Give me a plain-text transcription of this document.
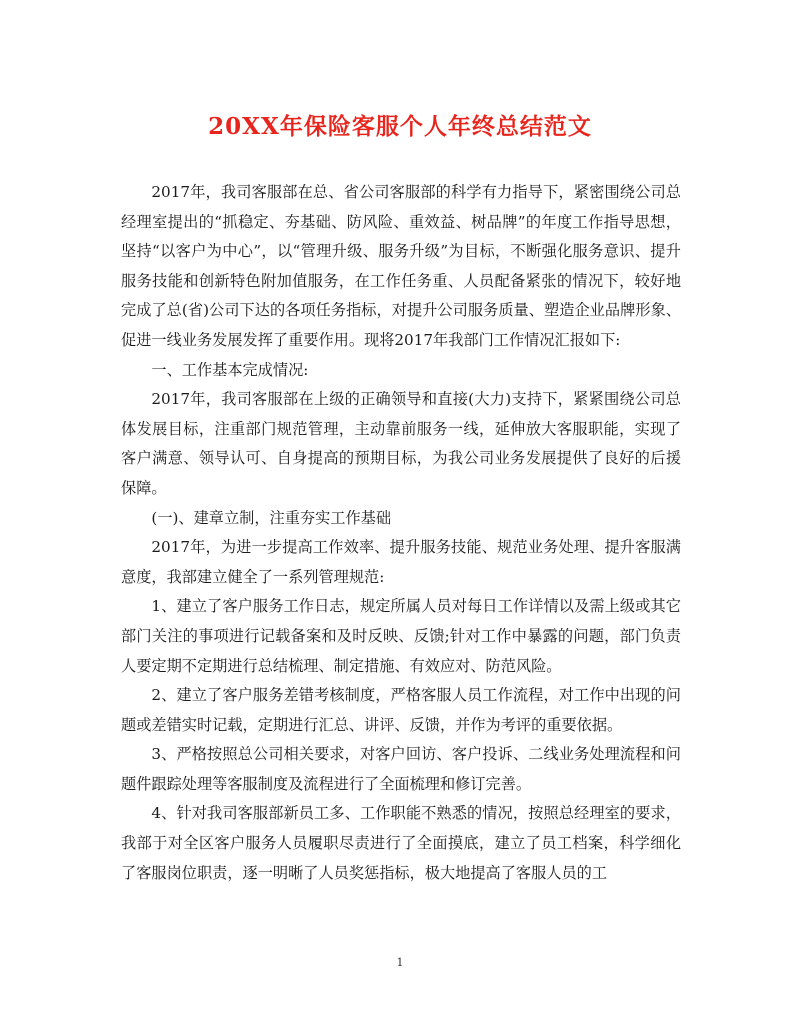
20XX年保险客服个人年终总结范文

2017年，我司客服部在总、省公司客服部的科学有力指导下，紧密围绕公司总经理室提出的“抓稳定、夯基础、防风险、重效益、树品牌”的年度工作指导思想，坚持“以客户为中心”，以“管理升级、服务升级”为目标，不断强化服务意识、提升服务技能和创新特色附加值服务，在工作任务重、人员配备紧张的情况下，较好地完成了总(省)公司下达的各项任务指标，对提升公司服务质量、塑造企业品牌形象、促进一线业务发展发挥了重要作用。现将2017年我部门工作情况汇报如下:

一、工作基本完成情况:

2017年，我司客服部在上级的正确领导和直接(大力)支持下，紧紧围绕公司总体发展目标，注重部门规范管理，主动靠前服务一线，延伸放大客服职能，实现了客户满意、领导认可、自身提高的预期目标，为我公司业务发展提供了良好的后援保障。

(一)、建章立制，注重夯实工作基础

2017年，为进一步提高工作效率、提升服务技能、规范业务处理、提升客服满意度，我部建立健全了一系列管理规范:

1、建立了客户服务工作日志，规定所属人员对每日工作详情以及需上级或其它部门关注的事项进行记载备案和及时反映、反馈;针对工作中暴露的问题，部门负责人要定期不定期进行总结梳理、制定措施、有效应对、防范风险。

2、建立了客户服务差错考核制度，严格客服人员工作流程，对工作中出现的问题或差错实时记载，定期进行汇总、讲评、反馈，并作为考评的重要依据。

3、严格按照总公司相关要求，对客户回访、客户投诉、二线业务处理流程和问题件跟踪处理等客服制度及流程进行了全面梳理和修订完善。

4、针对我司客服部新员工多、工作职能不熟悉的情况，按照总经理室的要求，我部于对全区客户服务人员履职尽责进行了全面摸底，建立了员工档案，科学细化了客服岗位职责，逐一明晰了人员奖惩指标，极大地提高了客服人员的工

1
